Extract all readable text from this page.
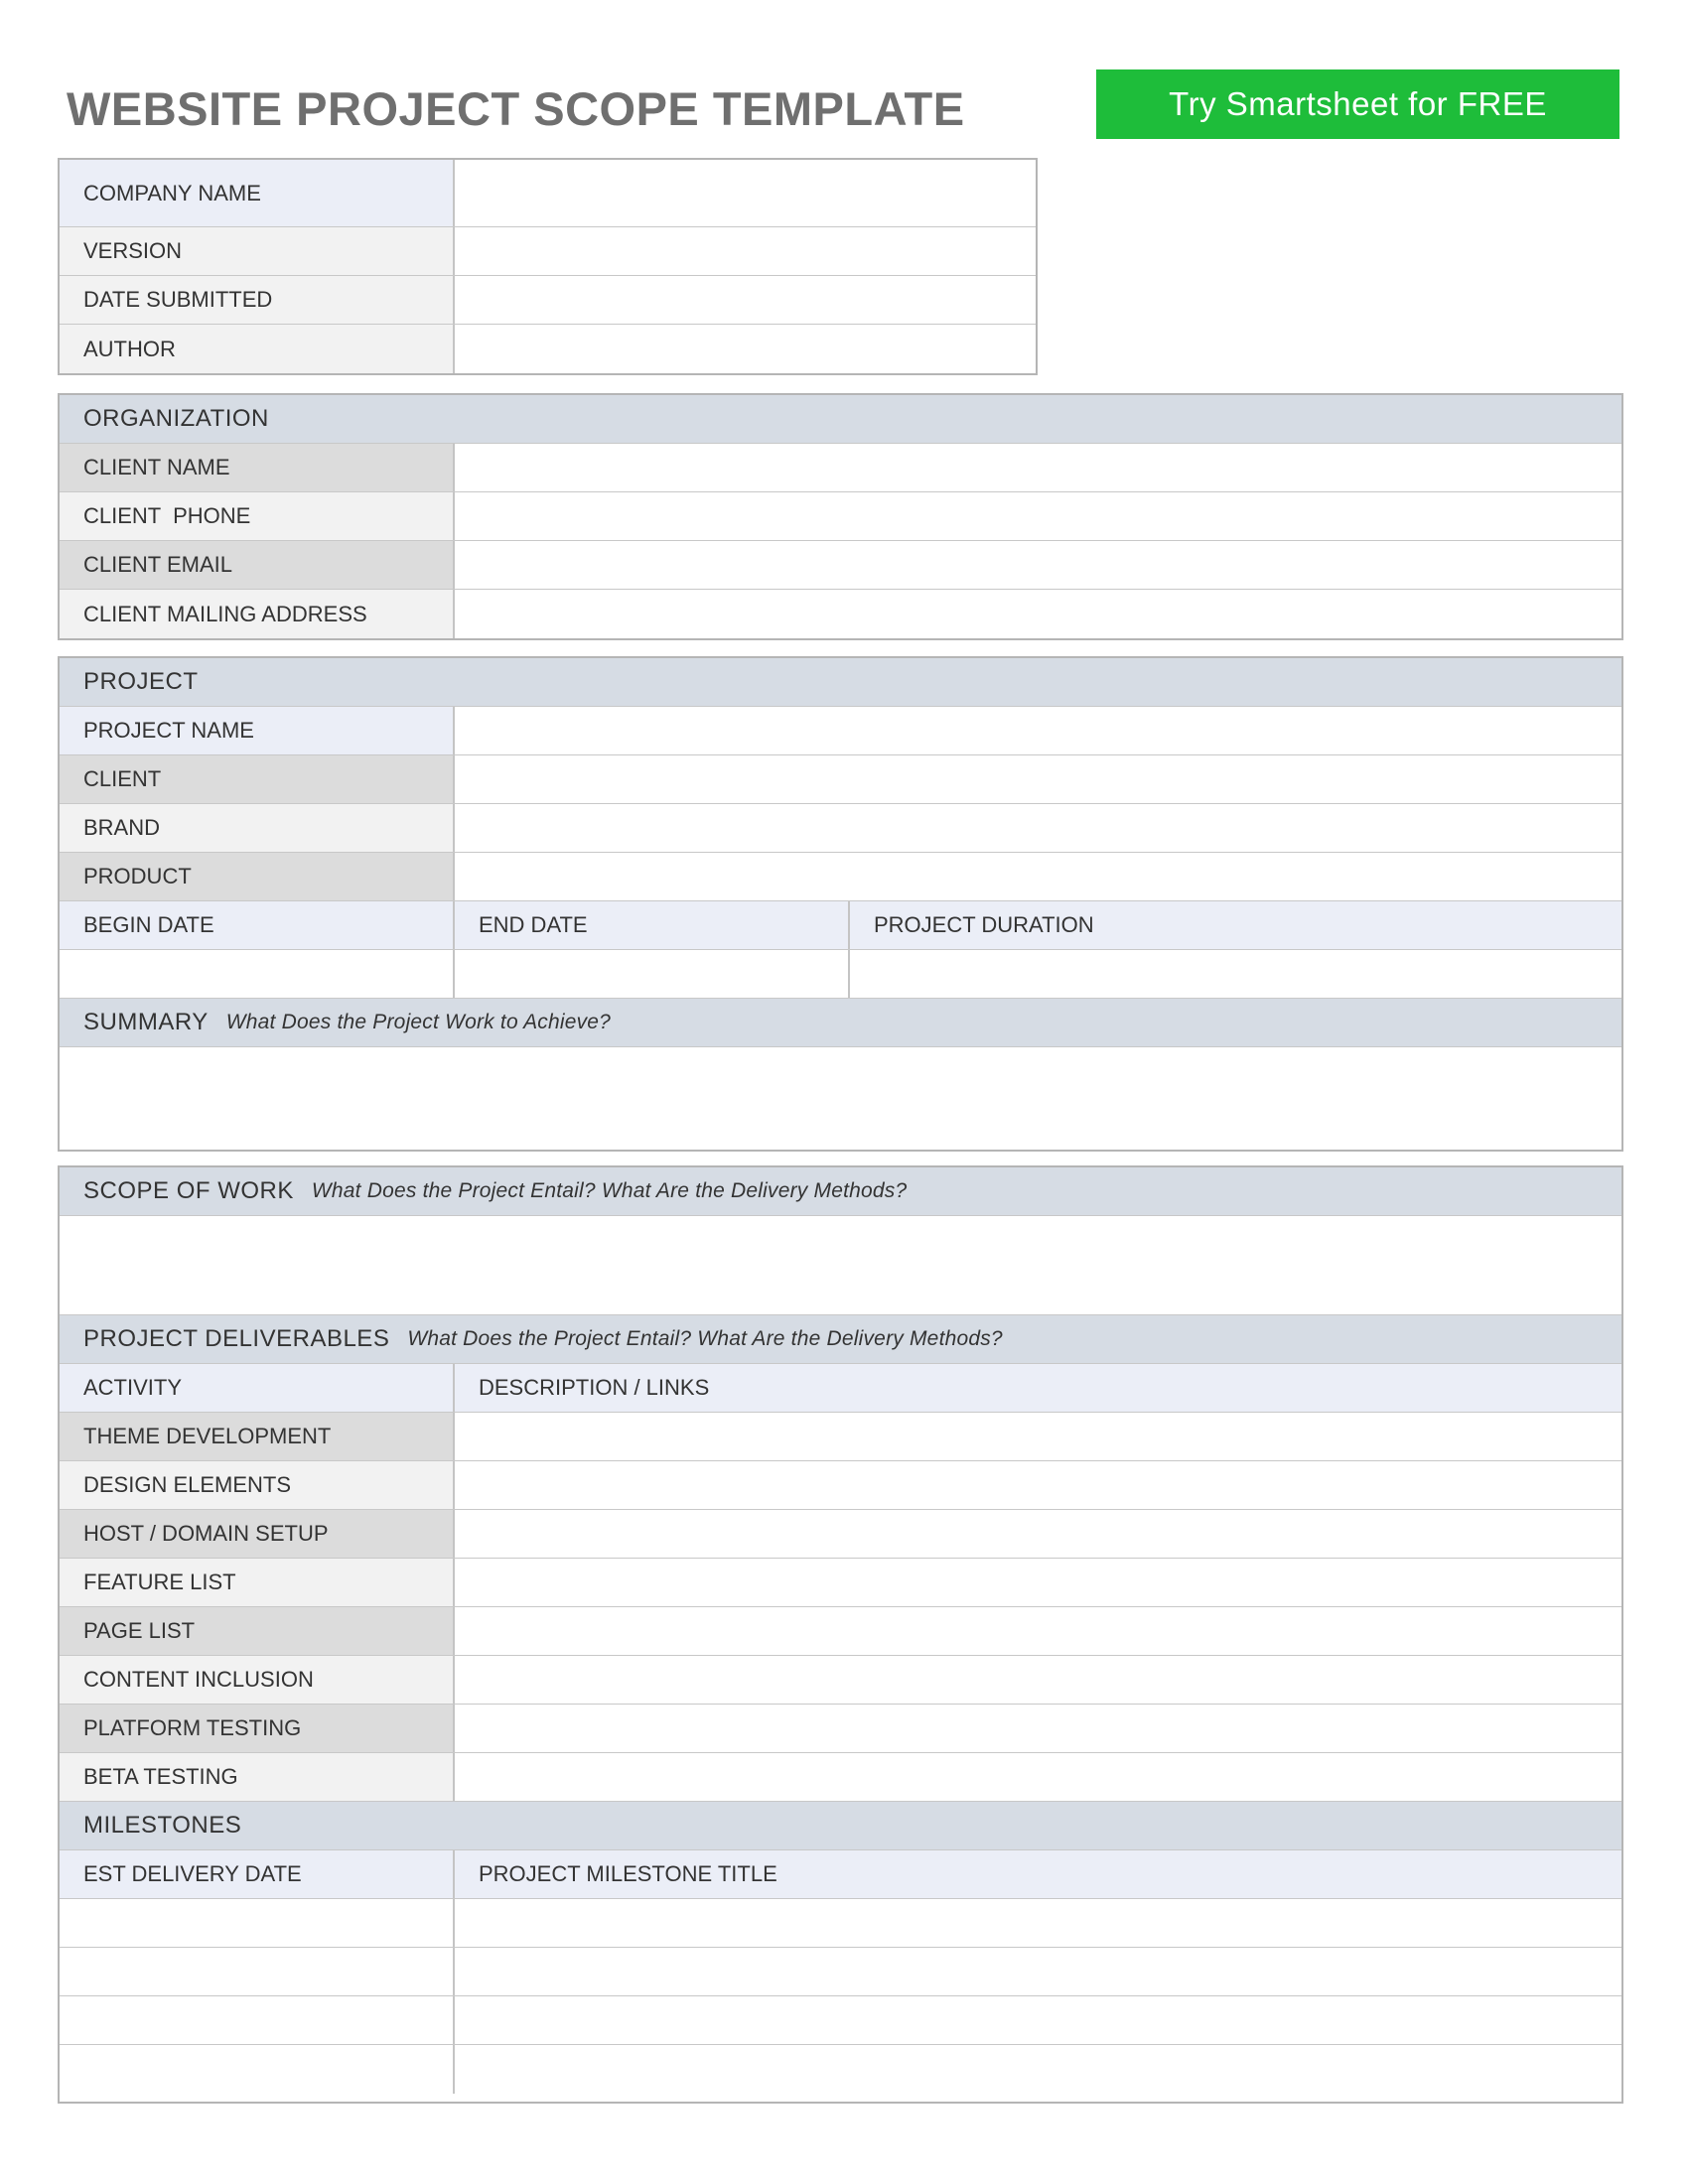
WEBSITE PROJECT SCOPE TEMPLATE	Try Smartsheet for FREE
COMPANY NAME
VERSION
DATE SUBMITTED
AUTHOR
ORGANIZATION
CLIENT NAME
CLIENT  PHONE
CLIENT EMAIL
CLIENT MAILING ADDRESS
PROJECT
PROJECT NAME
CLIENT
BRAND
PRODUCT
BEGIN DATE	END DATE	PROJECT DURATION
SUMMARY What Does the Project Work to Achieve?
SCOPE OF WORK What Does the Project Entail? What Are the Delivery Methods?
PROJECT DELIVERABLES What Does the Project Entail? What Are the Delivery Methods?
ACTIVITY	DESCRIPTION / LINKS
THEME DEVELOPMENT
DESIGN ELEMENTS
HOST / DOMAIN SETUP
FEATURE LIST
PAGE LIST
CONTENT INCLUSION
PLATFORM TESTING
BETA TESTING
MILESTONES
EST DELIVERY DATE	PROJECT MILESTONE TITLE
